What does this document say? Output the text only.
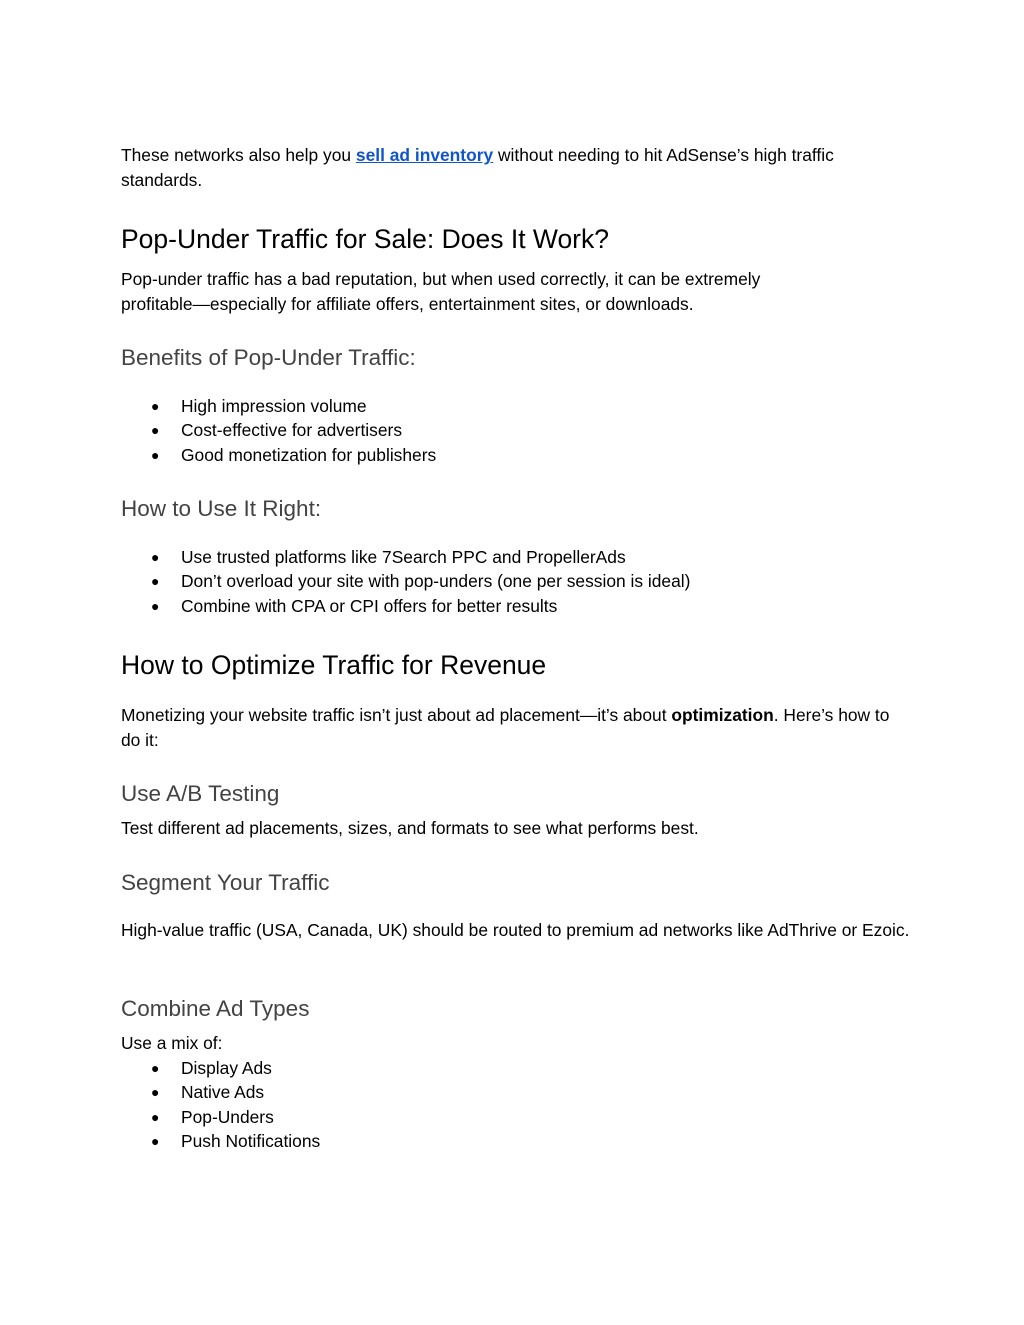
These networks also help you sell ad inventory without needing to hit AdSense’s high traffic standards.

Pop-Under Traffic for Sale: Does It Work?

Pop-under traffic has a bad reputation, but when used correctly, it can be extremely profitable—especially for affiliate offers, entertainment sites, or downloads.

Benefits of Pop-Under Traffic:
● High impression volume
● Cost-effective for advertisers
● Good monetization for publishers
How to Use It Right:
● Use trusted platforms like 7Search PPC and PropellerAds
● Don’t overload your site with pop-unders (one per session is ideal)
● Combine with CPA or CPI offers for better results
How to Optimize Traffic for Revenue

Monetizing your website traffic isn’t just about ad placement—it’s about optimization. Here’s how to do it:

Use A/B Testing

Test different ad placements, sizes, and formats to see what performs best.

Segment Your Traffic

High-value traffic (USA, Canada, UK) should be routed to premium ad networks like AdThrive or Ezoic.

Combine Ad Types

Use a mix of:

● Display Ads
● Native Ads
● Pop-Unders
● Push Notifications
